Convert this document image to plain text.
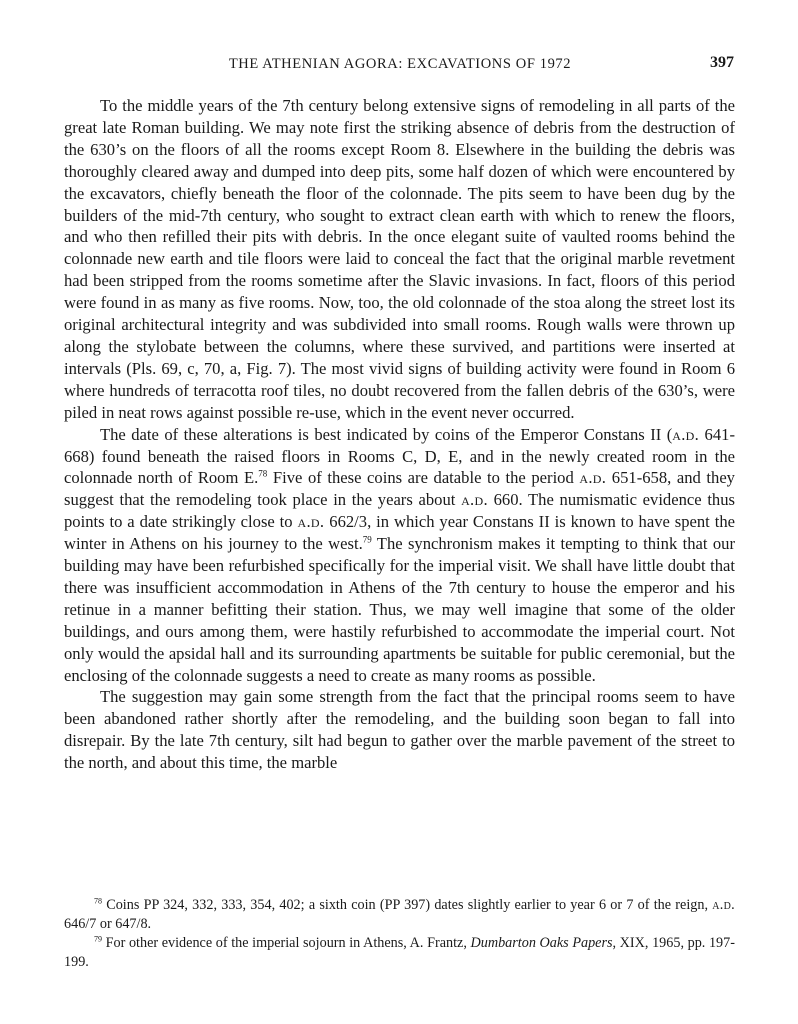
THE ATHENIAN AGORA: EXCAVATIONS OF 1972	397

To the middle years of the 7th century belong extensive signs of remodeling in all parts of the great late Roman building. We may note first the striking absence of debris from the destruction of the 630’s on the floors of all the rooms except Room 8. Elsewhere in the building the debris was thoroughly cleared away and dumped into deep pits, some half dozen of which were encountered by the excavators, chiefly beneath the floor of the colonnade. The pits seem to have been dug by the builders of the mid-7th century, who sought to extract clean earth with which to renew the floors, and who then refilled their pits with debris. In the once elegant suite of vaulted rooms behind the colonnade new earth and tile floors were laid to conceal the fact that the original marble revetment had been stripped from the rooms sometime after the Slavic invasions. In fact, floors of this period were found in as many as five rooms. Now, too, the old colonnade of the stoa along the street lost its original architectural integrity and was subdivided into small rooms. Rough walls were thrown up along the stylobate between the columns, where these survived, and partitions were inserted at intervals (Pls. 69, c, 70, a, Fig. 7). The most vivid signs of building activity were found in Room 6 where hundreds of terracotta roof tiles, no doubt recovered from the fallen debris of the 630’s, were piled in neat rows against possible re-use, which in the event never occurred.

The date of these alterations is best indicated by coins of the Emperor Constans II (a.d. 641-668) found beneath the raised floors in Rooms C, D, E, and in the newly created room in the colonnade north of Room E.$^{78}$ Five of these coins are datable to the period a.d. 651-658, and they suggest that the remodeling took place in the years about a.d. 660. The numismatic evidence thus points to a date strikingly close to a.d. 662/3, in which year Constans II is known to have spent the winter in Athens on his journey to the west.$^{79}$ The synchronism makes it tempting to think that our building may have been refurbished specifically for the imperial visit. We shall have little doubt that there was insufficient accommodation in Athens of the 7th century to house the emperor and his retinue in a manner befitting their station. Thus, we may well imagine that some of the older buildings, and ours among them, were hastily refurbished to accommodate the imperial court. Not only would the apsidal hall and its surrounding apartments be suitable for public ceremonial, but the enclosing of the colonnade suggests a need to create as many rooms as possible.

The suggestion may gain some strength from the fact that the principal rooms seem to have been abandoned rather shortly after the remodeling, and the building soon began to fall into disrepair. By the late 7th century, silt had begun to gather over the marble pavement of the street to the north, and about this time, the marble

$^{78}$ Coins PP 324, 332, 333, 354, 402; a sixth coin (PP 397) dates slightly earlier to year 6 or 7 of the reign, a.d. 646/7 or 647/8.

$^{79}$ For other evidence of the imperial sojourn in Athens, A. Frantz, Dumbarton Oaks Papers, XIX, 1965, pp. 197-199.
